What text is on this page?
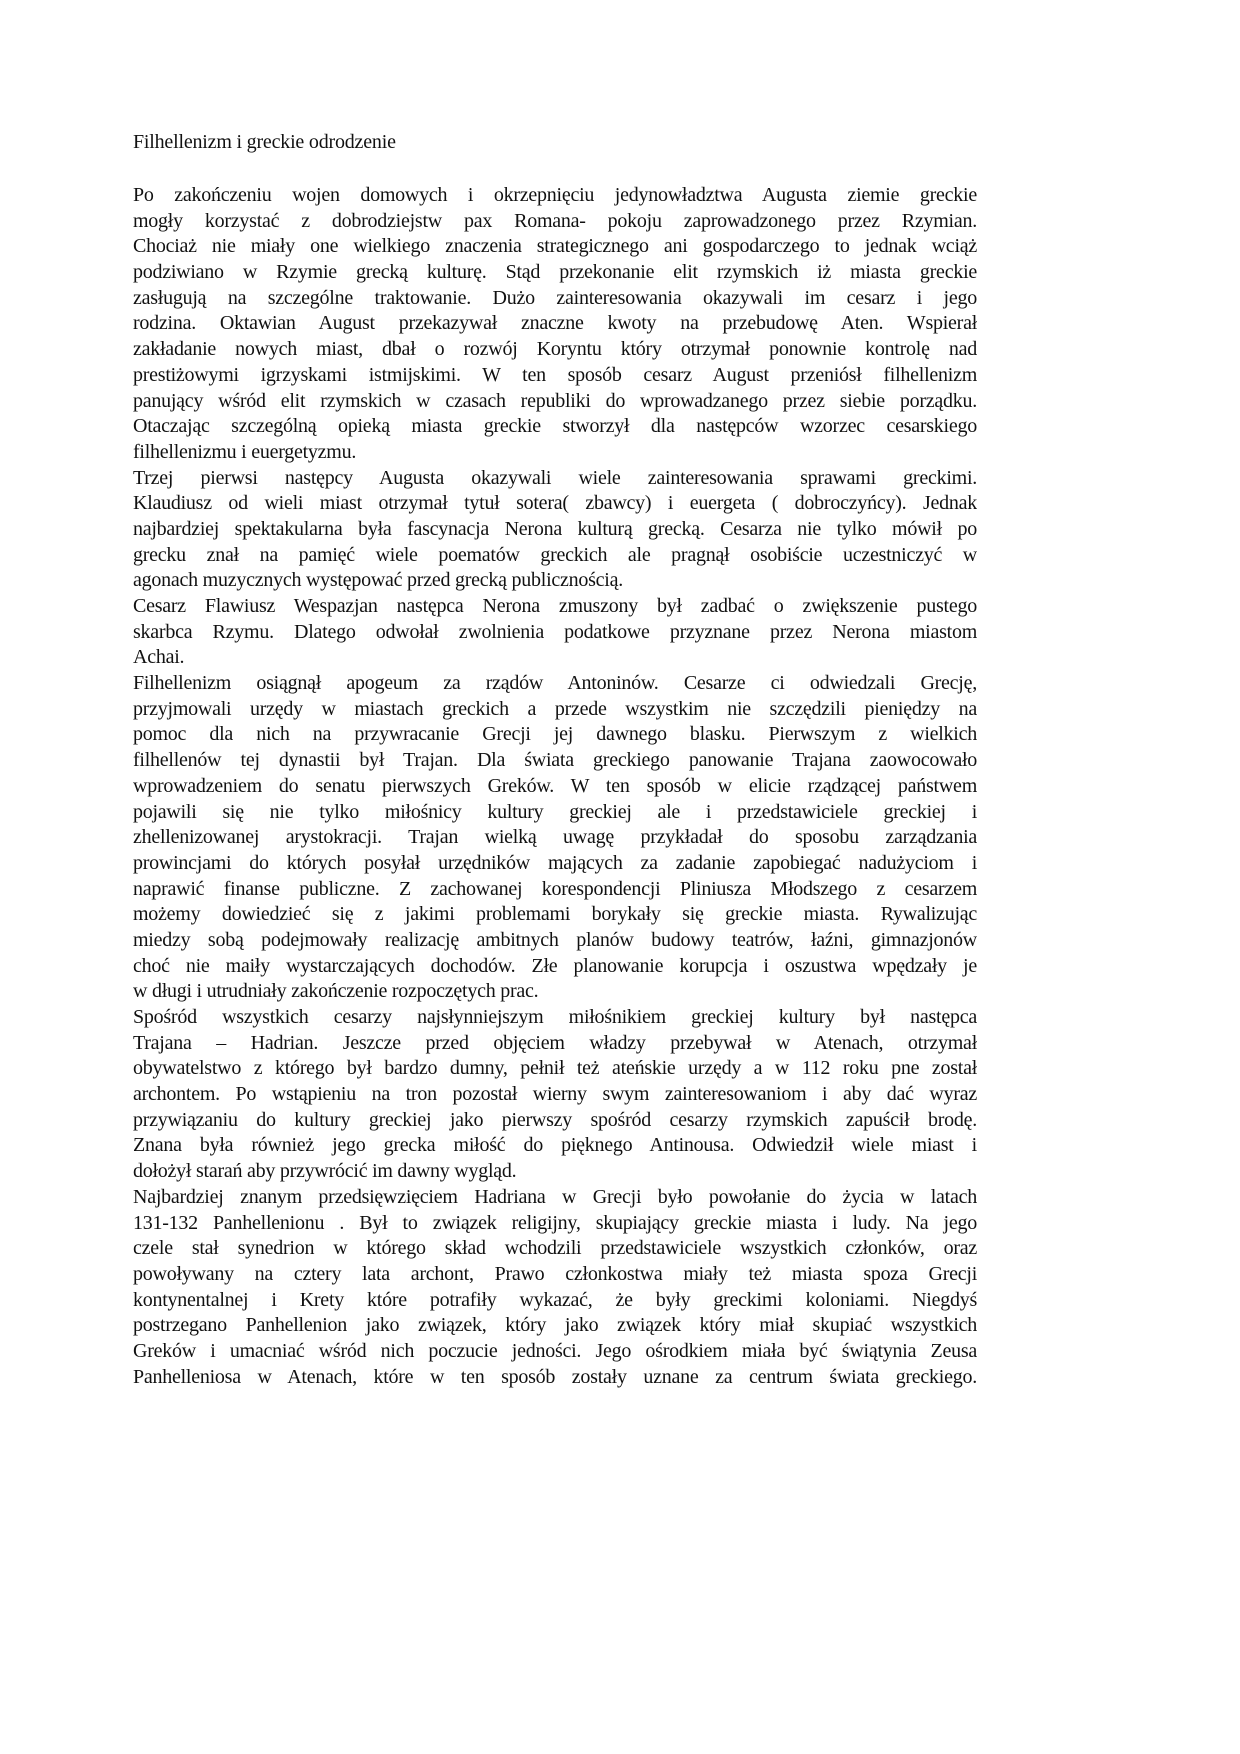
Filhellenizm i greckie odrodzenie
Po zakończeniu wojen domowych i okrzepnięciu jedynowładztwa Augusta ziemie greckie
mogły korzystać z dobrodziejstw pax Romana- pokoju zaprowadzonego przez Rzymian.
Chociaż nie miały one wielkiego znaczenia strategicznego ani gospodarczego to jednak wciąż
podziwiano w Rzymie grecką kulturę. Stąd przekonanie elit rzymskich iż miasta greckie
zasługują na szczególne traktowanie. Dużo zainteresowania okazywali im cesarz i jego
rodzina. Oktawian August przekazywał znaczne kwoty na przebudowę Aten. Wspierał
zakładanie nowych miast, dbał o rozwój Koryntu który otrzymał ponownie kontrolę nad
prestiżowymi igrzyskami istmijskimi. W ten sposób cesarz August przeniósł filhellenizm
panujący wśród elit rzymskich w czasach republiki do wprowadzanego przez siebie porządku.
Otaczając szczególną opieką miasta greckie stworzył dla następców wzorzec cesarskiego
filhellenizmu i euergetyzmu.
Trzej pierwsi następcy Augusta okazywali wiele zainteresowania sprawami greckimi.
Klaudiusz od wieli miast otrzymał tytuł sotera( zbawcy) i euergeta ( dobroczyńcy). Jednak
najbardziej spektakularna była fascynacja Nerona kulturą grecką. Cesarza nie tylko mówił po
grecku znał na pamięć wiele poematów greckich ale pragnął osobiście uczestniczyć w
agonach muzycznych występować przed grecką publicznością.
Cesarz Flawiusz Wespazjan następca Nerona zmuszony był zadbać o zwiększenie pustego
skarbca Rzymu. Dlatego odwołał zwolnienia podatkowe przyznane przez Nerona miastom
Achai.
Filhellenizm osiągnął apogeum za rządów Antoninów. Cesarze ci odwiedzali Grecję,
przyjmowali urzędy w miastach greckich a przede wszystkim nie szczędzili pieniędzy na
pomoc dla nich na przywracanie Grecji jej dawnego blasku. Pierwszym z wielkich
filhellenów tej dynastii był Trajan. Dla świata greckiego panowanie Trajana zaowocowało
wprowadzeniem do senatu pierwszych Greków. W ten sposób w elicie rządzącej państwem
pojawili się nie tylko miłośnicy kultury greckiej ale i przedstawiciele greckiej i
zhellenizowanej arystokracji. Trajan wielką uwagę przykładał do sposobu zarządzania
prowincjami do których posyłał urzędników mających za zadanie zapobiegać nadużyciom i
naprawić finanse publiczne. Z zachowanej korespondencji Pliniusza Młodszego z cesarzem
możemy dowiedzieć się z jakimi problemami borykały się greckie miasta. Rywalizując
miedzy sobą podejmowały realizację ambitnych planów budowy teatrów, łaźni, gimnazjonów
choć nie maiły wystarczających dochodów. Złe planowanie korupcja i oszustwa wpędzały je
w długi i utrudniały zakończenie rozpoczętych prac.
Spośród wszystkich cesarzy najsłynniejszym miłośnikiem greckiej kultury był następca
Trajana – Hadrian. Jeszcze przed objęciem władzy przebywał w Atenach, otrzymał
obywatelstwo z którego był bardzo dumny, pełnił też ateńskie urzędy a w 112 roku pne został
archontem. Po wstąpieniu na tron pozostał wierny swym zainteresowaniom i aby dać wyraz
przywiązaniu do kultury greckiej jako pierwszy spośród cesarzy rzymskich zapuścił brodę.
Znana była również jego grecka miłość do pięknego Antinousa. Odwiedził wiele miast i
dołożył starań aby przywrócić im dawny wygląd.
Najbardziej znanym przedsięwzięciem Hadriana w Grecji było powołanie do życia w latach
131-132 Panhellenionu . Był to związek religijny, skupiający greckie miasta i ludy. Na jego
czele stał synedrion w którego skład wchodzili przedstawiciele wszystkich członków, oraz
powoływany na cztery lata archont, Prawo członkostwa miały też miasta spoza Grecji
kontynentalnej i Krety które potrafiły wykazać, że były greckimi koloniami. Niegdyś
postrzegano Panhellenion jako związek, który jako związek który miał skupiać wszystkich
Greków i umacniać wśród nich poczucie jedności. Jego ośrodkiem miała być świątynia Zeusa
Panhelleniosa w Atenach, które w ten sposób zostały uznane za centrum świata greckiego.
